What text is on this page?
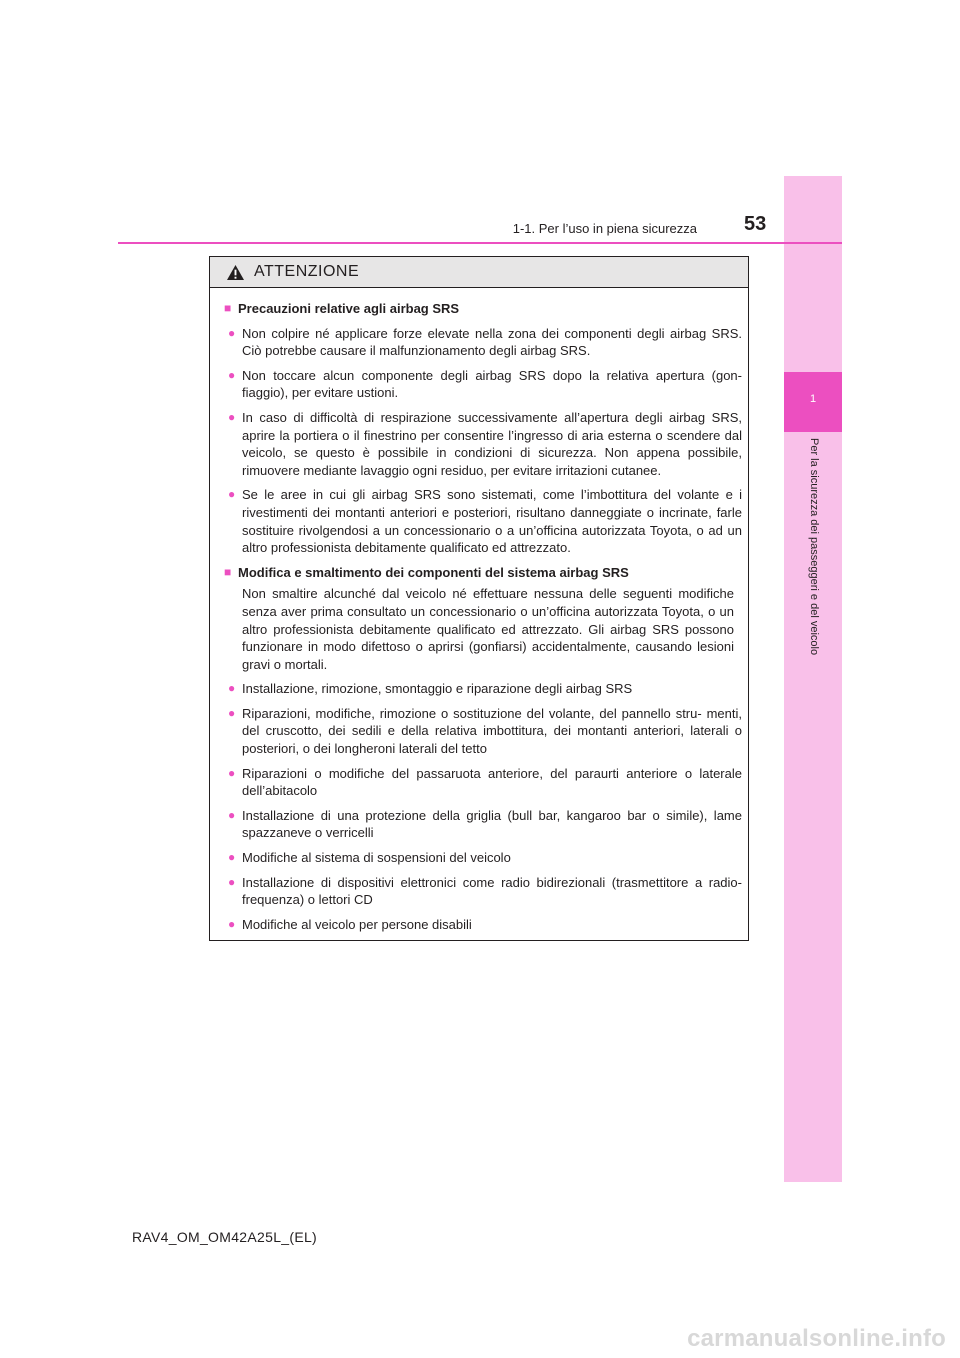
1
Per la sicurezza dei passeggeri e del veicolo
1-1. Per l’uso in piena sicurezza 53
ATTENZIONE
■ Precauzioni relative agli airbag SRS
● Non colpire né applicare forze elevate nella zona dei componenti degli airbag SRS. Ciò potrebbe causare il malfunzionamento degli airbag SRS.
● Non toccare alcun componente degli airbag SRS dopo la relativa apertura (gon- fiaggio), per evitare ustioni.
● In caso di difficoltà di respirazione successivamente all’apertura degli airbag SRS, aprire la portiera o il finestrino per consentire l’ingresso di aria esterna o scendere dal veicolo, se questo è possibile in condizioni di sicurezza. Non appena possibile, rimuovere mediante lavaggio ogni residuo, per evitare irritazioni cutanee.
● Se le aree in cui gli airbag SRS sono sistemati, come l’imbottitura del volante e i rivestimenti dei montanti anteriori e posteriori, risultano danneggiate o incrinate, farle sostituire rivolgendosi a un concessionario o a un’officina autorizzata Toyota, o ad un altro professionista debitamente qualificato ed attrezzato.
■ Modifica e smaltimento dei componenti del sistema airbag SRS
Non smaltire alcunché dal veicolo né effettuare nessuna delle seguenti modifiche senza aver prima consultato un concessionario o un’officina autorizzata Toyota, o un altro professionista debitamente qualificato ed attrezzato. Gli airbag SRS possono funzionare in modo difettoso o aprirsi (gonfiarsi) accidentalmente, causando lesioni gravi o mortali.
● Installazione, rimozione, smontaggio e riparazione degli airbag SRS
● Riparazioni, modifiche, rimozione o sostituzione del volante, del pannello stru- menti, del cruscotto, dei sedili e della relativa imbottitura, dei montanti anteriori, laterali o posteriori, o dei longheroni laterali del tetto
● Riparazioni o modifiche del passaruota anteriore, del paraurti anteriore o laterale dell’abitacolo
● Installazione di una protezione della griglia (bull bar, kangaroo bar o simile), lame spazzaneve o verricelli
● Modifiche al sistema di sospensioni del veicolo
● Installazione di dispositivi elettronici come radio bidirezionali (trasmettitore a radio- frequenza) o lettori CD
● Modifiche al veicolo per persone disabili
RAV4_OM_OM42A25L_(EL)
carmanualsonline.info
